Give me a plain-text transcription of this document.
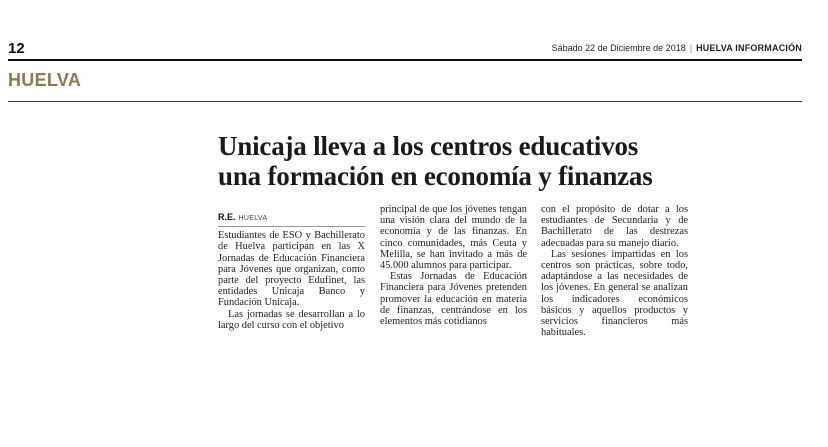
12	Sábado 22 de Diciembre de 2018 | HUELVA INFORMACIÓN
HUELVA
Unicaja lleva a los centros educativos
una formación en economía y finanzas
R.E. HUELVA

Estudiantes de ESO y Bachillerato de Huelva participan en las X Jornadas de Educación Financiera para Jóvenes que organizan, como parte del proyecto Edufinet, las entidades Unicaja Banco y Fundación Unicaja.

Las jornadas se desarrollan a lo largo del curso con el objetivo

principal de que los jóvenes tengan una visión clara del mundo de la economía y de las finanzas. En cinco comunidades, más Ceuta y Melilla, se han invitado a más de 45.000 alumnos para participar.

Estas Jornadas de Educación Financiera para Jóvenes pretenden promover la educación en materia de finanzas, centrándose en los elementos más cotidianos

con el propósito de dotar a los estudiantes de Secundaria y de Bachillerato de las destrezas adecuadas para su manejo diario.

Las sesiones impartidas en los centros son prácticas, sobre todo, adaptándose a las necesidades de los jóvenes. En general se analizan los indicadores económicos básicos y aquellos productos y servicios financieros más habituales.
